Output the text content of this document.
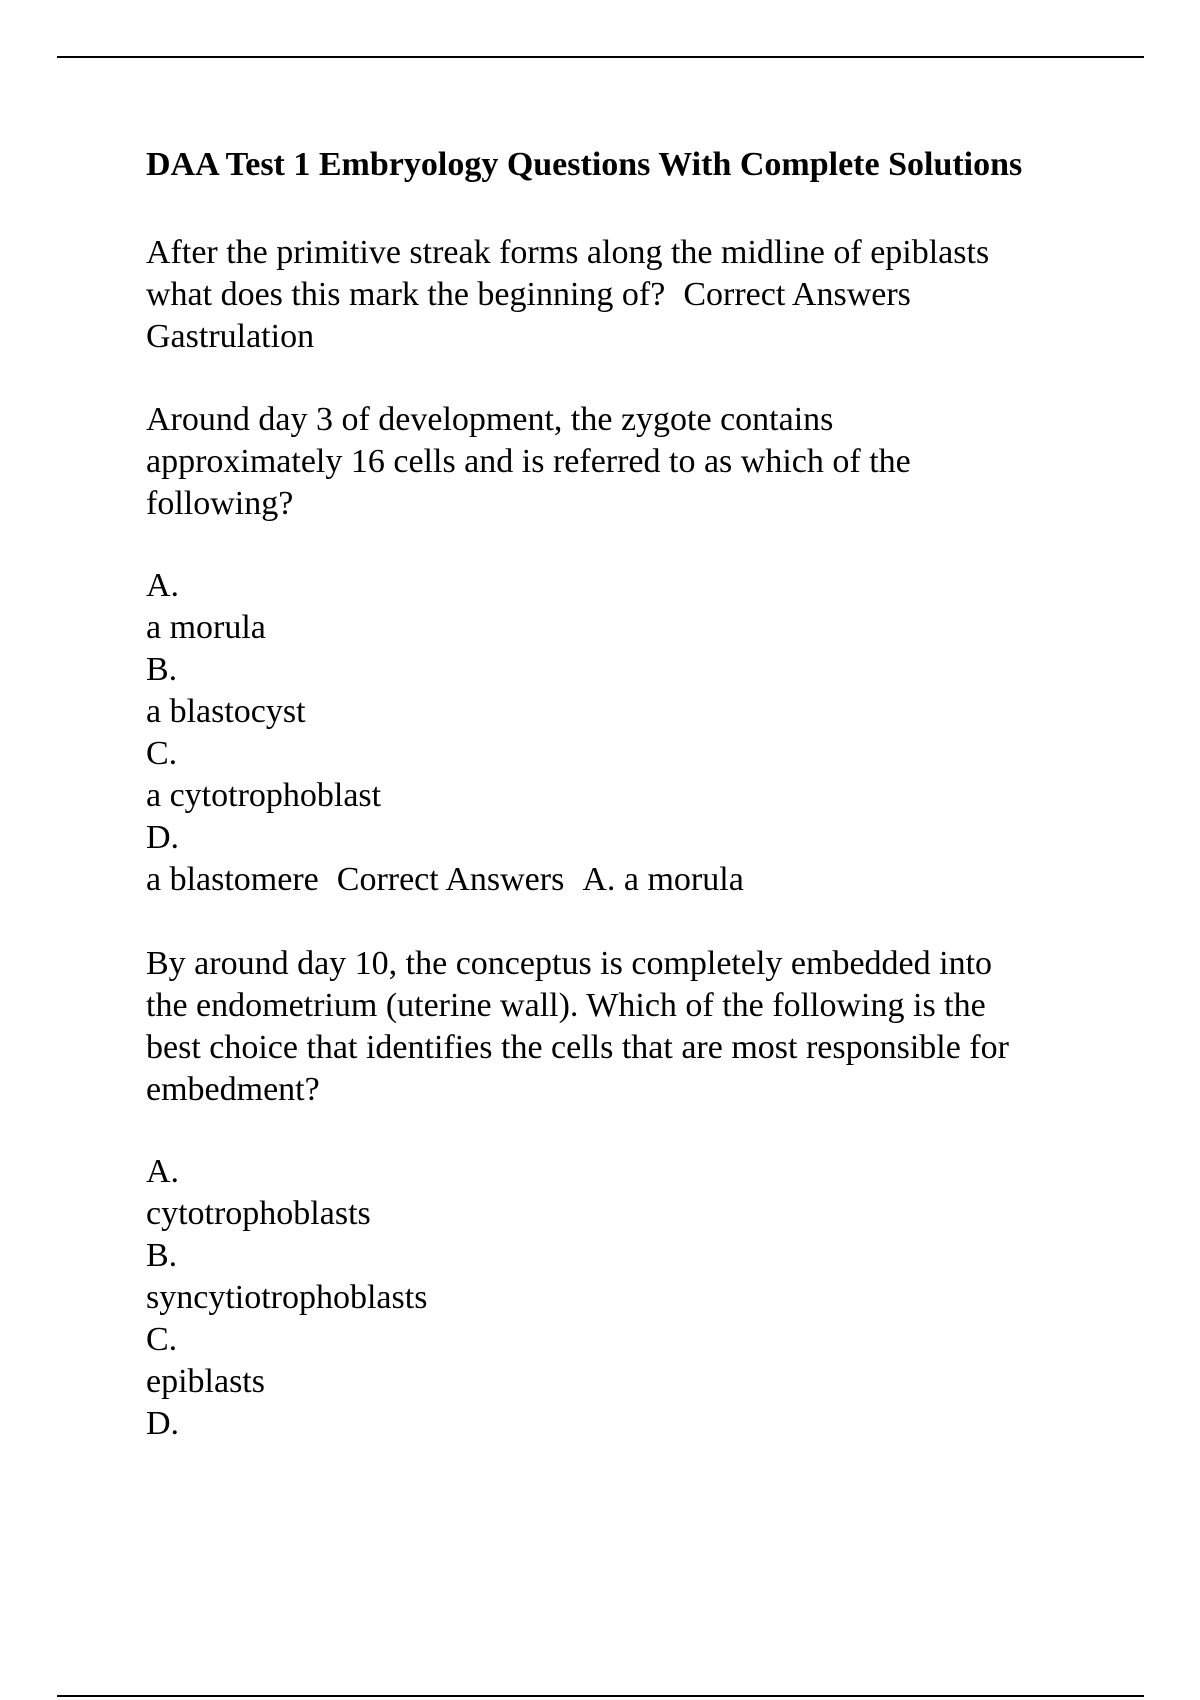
DAA Test 1 Embryology Questions With Complete Solutions
After the primitive streak forms along the midline of epiblasts
what does this mark the beginning of? Correct Answers
Gastrulation
Around day 3 of development, the zygote contains
approximately 16 cells and is referred to as which of the
following?
A.
a morula
B.
a blastocyst
C.
a cytotrophoblast
D.
a blastomere Correct Answers A. a morula
By around day 10, the conceptus is completely embedded into
the endometrium (uterine wall). Which of the following is the
best choice that identifies the cells that are most responsible for
embedment?
A.
cytotrophoblasts
B.
syncytiotrophoblasts
C.
epiblasts
D.
